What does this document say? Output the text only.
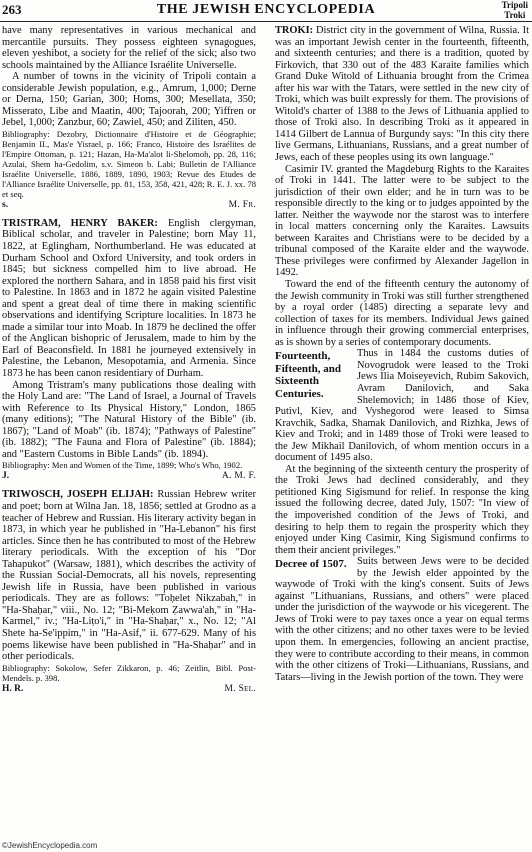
263	THE JEWISH ENCYCLOPEDIA	Tripoli
Troki

have many representatives in various mechanical and mercantile pursuits. They possess eighteen synagogues, eleven yeshibot, a society for the relief of the sick; also two schools maintained by the Alliance Israélite Universelle.

A number of towns in the vicinity of Tripoli contain a considerable Jewish population, e.g., Amrum, 1,000; Derne or Derna, 150; Garian, 300; Homs, 300; Mesellata, 350; Misserato, Libe and Maatin, 400; Tajoorah, 200; Yiffren or Jebel, 1,000; Zanzbur, 60; Zawiel, 450; and Ziliten, 450.

Bibliography: Dezobry, Dictionnaire d'Histoire et de Géographie; Benjamin II., Mas'e Yisrael, p. 166; Franco, Histoire des Israélites de l'Empire Ottoman, p. 121; Hazan, Ha-Ma'alot li-Shelomoh, pp. 28, 116; Azulai, Shem ha-Gedolim, s.v. Simeon b. Labi; Bulletin de l'Alliance Israélite Universelle, 1886, 1889, 1890, 1903; Revue des Etudes de l'Alliance Israélite Universelle, pp. 81, 153, 358, 421, 428; R. E. J. xx. 78 et seq.

s.	M. Fr.

TRISTRAM, HENRY BAKER: English clergyman, Biblical scholar, and traveler in Palestine; born May 11, 1822, at Eglingham, Northumberland. He was educated at Durham School and Oxford University, and took orders in 1845; but sickness compelled him to live abroad. He explored the northern Sahara, and in 1858 paid his first visit to Palestine. In 1863 and in 1872 he again visited Palestine and spent a great deal of time there in making scientific observations and identifying Scripture localities. In 1873 he made a similar tour into Moab. In 1879 he declined the offer of the Anglican bishopric of Jerusalem, made to him by the Earl of Beaconsfield. In 1881 he journeyed extensively in Palestine, the Lebanon, Mesopotamia, and Armenia. Since 1873 he has been canon residentiary of Durham.

Among Tristram's many publications those dealing with the Holy Land are: "The Land of Israel, a Journal of Travels with Reference to Its Physical History," London, 1865 (many editions); "The Natural History of the Bible" (ib. 1867); "Land of Moab" (ib. 1874); "Pathways of Palestine" (ib. 1882); "The Fauna and Flora of Palestine" (ib. 1884); and "Eastern Customs in Bible Lands" (ib. 1894).

Bibliography: Men and Women of the Time, 1899; Who's Who, 1902.

J.	A. M. F.

TRIWOSCH, JOSEPH ELIJAH: Russian Hebrew writer and poet; born at Wilna Jan. 18, 1856; settled at Grodno as a teacher of Hebrew and Russian. His literary activity began in 1873, in which year he published in "Ha-Lebanon" his first articles. Since then he has contributed to most of the Hebrew literary periodicals. With the exception of his "Dor Tahapukot" (Warsaw, 1881), which describes the activity of the Russian Social-Democrats, all his novels, representing Jewish life in Russia, have been published in various periodicals. They are as follows: "Toḥelet Nikzabah," in "Ha-Shaḥar," viii., No. 12; "Bi-Meḳom Ẓawwa'ah," in "Ha-Karmel," iv.; "Ha-Liṭo'i," in "Ha-Shaḥar," x., No. 12; "Al Shete ha-Se'ippim," in "Ha-Asif," ii. 677-629. Many of his poems likewise have been published in "Ha-Shaḥar" and in other periodicals.

Bibliography: Sokolow, Sefer Zikkaron, p. 46; Zeitlin, Bibl. Post-Mendels. p. 398.

H. R.	M. Sel.

TROKI: District city in the government of Wilna, Russia. It was an important Jewish center in the fourteenth, fifteenth, and sixteenth centuries; and there is a tradition, quoted by Firkovich, that 330 out of the 483 Karaite families which Grand Duke Witold of Lithuania brought from the Crimea after his war with the Tatars, were settled in the new city of Troki, which was built expressly for them. The provisions of Witold's charter of 1388 to the Jews of Lithuania applied to those of Troki also. In describing Troki as it appeared in 1414 Gilbert de Lannua of Burgundy says: "In this city there live Germans, Lithuanians, Russians, and a great number of Jews, each of these peoples using its own language."

Casimir IV. granted the Magdeburg Rights to the Karaites of Troki in 1441. The latter were to be subject to the jurisdiction of their own elder; and he in turn was to be responsible directly to the king or to judges appointed by the latter. Neither the waywode nor the starost was to interfere in local matters concerning only the Karaites. Lawsuits between Karaites and Christians were to be decided by a tribunal composed of the Karaite elder and the waywode. These privileges were confirmed by Alexander Jagellon in 1492.

Toward the end of the fifteenth century the autonomy of the Jewish community in Troki was still further strengthened by a royal order (1485) directing a separate levy and collection of taxes for its members. Individual Jews gained in influence through their growing commercial enterprises, as is shown by a series of contemporary documents.

Fourteenth, Fifteenth, and Sixteenth Centuries.
Thus in 1484 the customs duties of Novogrudok were leased to the Troki Jews Ilia Moiseyevich, Rubim Sakovich, Avram Danilovich, and Saka Shelemovich; in 1486 those of Kiev, Putivl, Kiev, and Vyshegorod were leased to Simsa Kravchik, Sadka, Shamak Danilovich, and Rizhka, Jews of Kiev and Troki; and in 1489 those of Troki were leased to the Jew Mikhail Danilovich, of whom mention occurs in a document of 1495 also.

At the beginning of the sixteenth century the prosperity of the Troki Jews had declined considerably, and they petitioned King Sigismund for relief. In response the king issued the following decree, dated July, 1507: "In view of the impoverished condition of the Jews of Troki, and desiring to help them to regain the prosperity which they enjoyed under King Casimir, King Sigismund confirms to them their ancient privileges."

Decree of 1507.	Suits between Jews were to be decided by the Jewish elder appointed by the waywode of Troki with the king's consent. Suits of Jews against "Lithuanians, Russians, and others" were placed under the jurisdiction of the waywode or his vicegerent. The Jews of Troki were to pay taxes once a year on equal terms with the other citizens; and no other taxes were to be levied upon them. In emergencies, following an ancient practise, they were to contribute according to their means, in common with the other citizens of Troki—Lithuanians, Russians, and Tatars—living in the Jewish portion of the town. They were

©JewishEncyclopedia.com
